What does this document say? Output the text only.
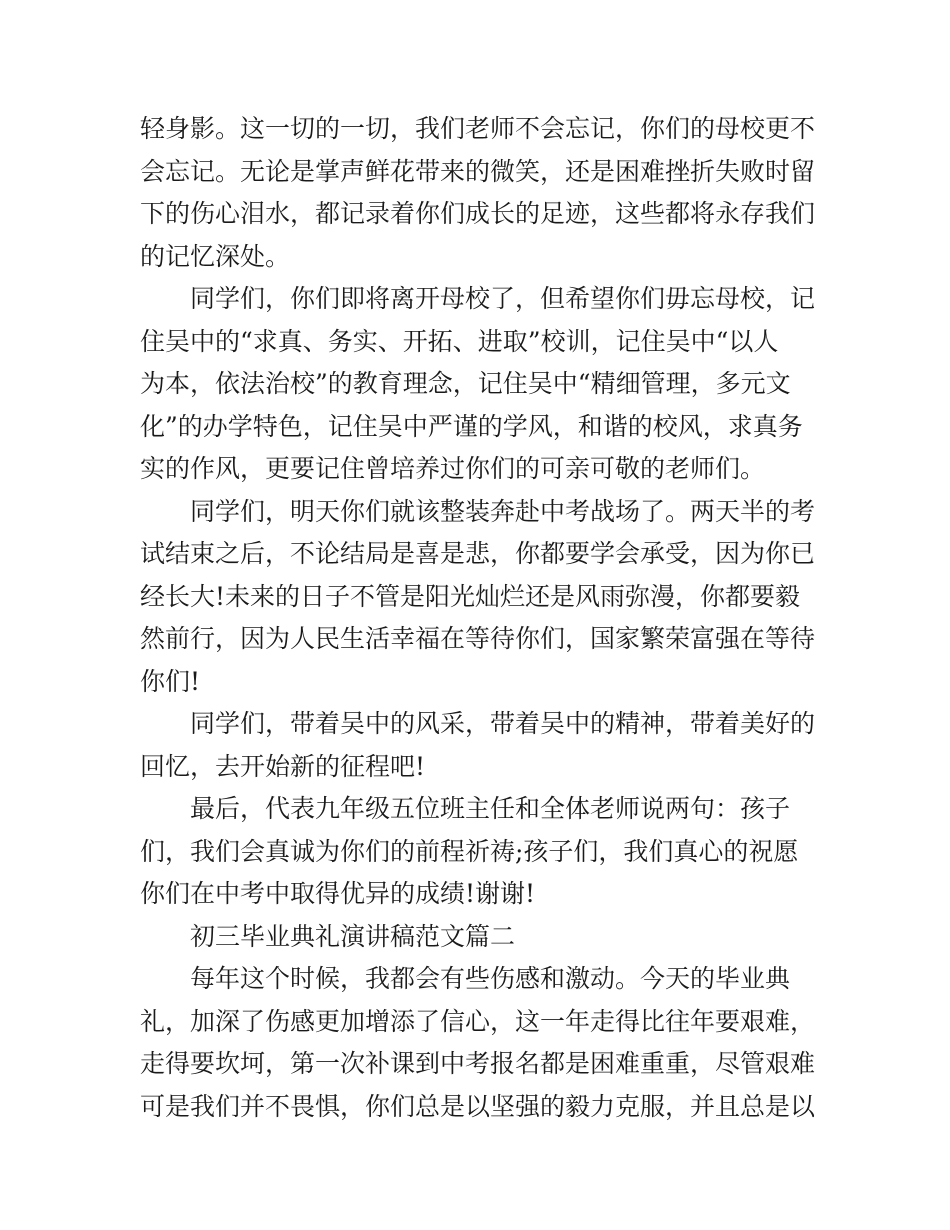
轻身影。这一切的一切，我们老师不会忘记，你们的母校更不
会忘记。无论是掌声鲜花带来的微笑，还是困难挫折失败时留
下的伤心泪水，都记录着你们成长的足迹，这些都将永存我们
的记忆深处。
同学们，你们即将离开母校了，但希望你们毋忘母校，记
住吴中的“求真、务实、开拓、进取”校训，记住吴中“以人
为本，依法治校”的教育理念，记住吴中“精细管理，多元文
化”的办学特色，记住吴中严谨的学风，和谐的校风，求真务
实的作风，更要记住曾培养过你们的可亲可敬的老师们。
同学们，明天你们就该整装奔赴中考战场了。两天半的考
试结束之后，不论结局是喜是悲，你都要学会承受，因为你已
经长大!未来的日子不管是阳光灿烂还是风雨弥漫，你都要毅
然前行，因为人民生活幸福在等待你们，国家繁荣富强在等待
你们!
同学们，带着吴中的风采，带着吴中的精神，带着美好的
回忆，去开始新的征程吧!
最后，代表九年级五位班主任和全体老师说两句：孩子
们，我们会真诚为你们的前程祈祷;孩子们，我们真心的祝愿
你们在中考中取得优异的成绩!谢谢!
初三毕业典礼演讲稿范文篇二
每年这个时候，我都会有些伤感和激动。今天的毕业典
礼，加深了伤感更加增添了信心，这一年走得比往年要艰难，
走得要坎坷，第一次补课到中考报名都是困难重重，尽管艰难
可是我们并不畏惧，你们总是以坚强的毅力克服，并且总是以
